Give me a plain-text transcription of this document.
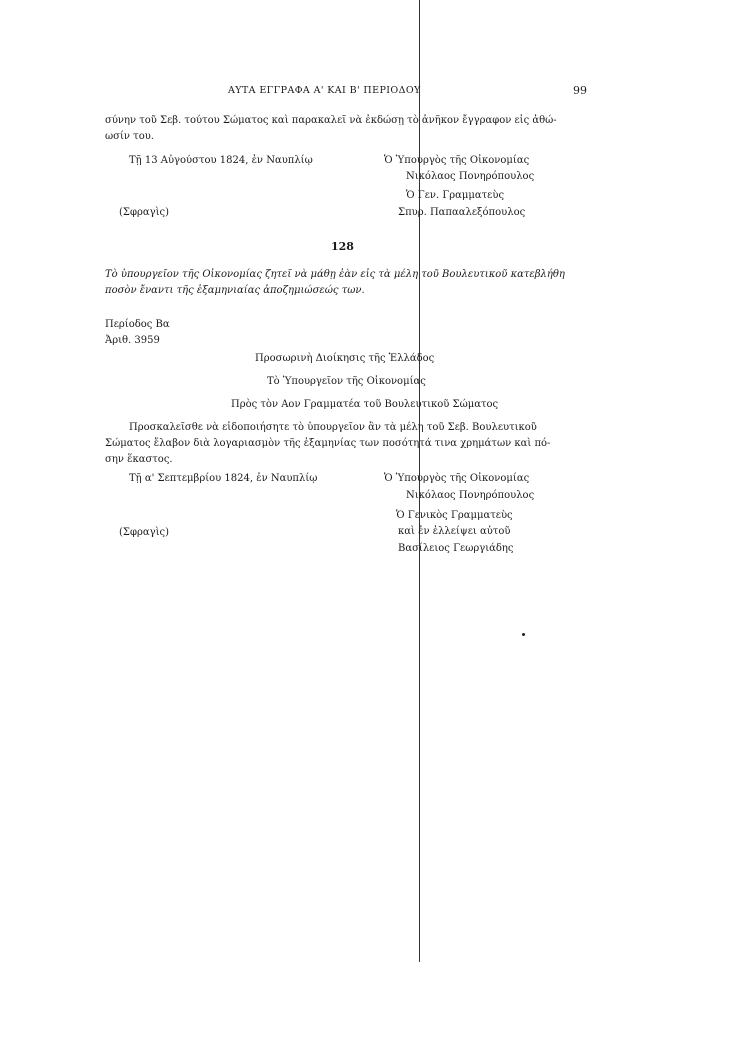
ΑΥΤΑ ΕΓΓΡΑΦΑ Α' ΚΑΙ Β' ΠΕΡΙΟΔΟΥ	99
σύνην τοῦ Σεβ. τούτου Σώματος καὶ παρακαλεῖ νὰ ἐκδώσῃ τὸ ἀνῆκον ἔγγραφον εἰς ἀθώ-
ωσίν του.
Τῇ 13 Αὐγούστου 1824, ἐν Ναυπλίῳ	Ὁ Ὑπουργὸς τῆς Οἰκονομίας
Νικόλαος Πονηρόπουλος
Ὁ Γεν. Γραμματεὺς
(Σφραγὶς)	Σπυρ. Παπααλεξόπουλος
128
Τὸ ὑπουργεῖον τῆς Οἰκονομίας ζητεῖ νὰ μάθῃ ἐὰν εἰς τὰ μέλη τοῦ Βουλευτικοῦ κατεβλήθη
ποσὸν ἔναντι τῆς ἑξαμηνιαίας ἀποζημιώσεώς των.
Περίοδος Βα
Ἀριθ. 3959
Προσωρινὴ Διοίκησις τῆς Ἑλλάδος
Τὸ Ὑπουργεῖον τῆς Οἰκονομίας
Πρὸς τὸν Αον Γραμματέα τοῦ Βουλευτικοῦ Σώματος
Προσκαλεῖσθε νὰ εἰδοποιήσητε τὸ ὑπουργεῖον ἂν τὰ μέλη τοῦ Σεβ. Βουλευτικοῦ
Σώματος ἔλαβον διὰ λογαριασμὸν τῆς ἑξαμηνίας των ποσότητά τινα χρημάτων καὶ πό-
σην ἕκαστος.
Τῇ α' Σεπτεμβρίου 1824, ἐν Ναυπλίῳ	Ὁ Ὑπουργὸς τῆς Οἰκονομίας
Νικόλαος Πονηρόπουλος
Ὁ Γενικὸς Γραμματεὺς
καὶ ἐν ἐλλείψει αὐτοῦ
(Σφραγὶς)
Βασίλειος Γεωργιάδης
